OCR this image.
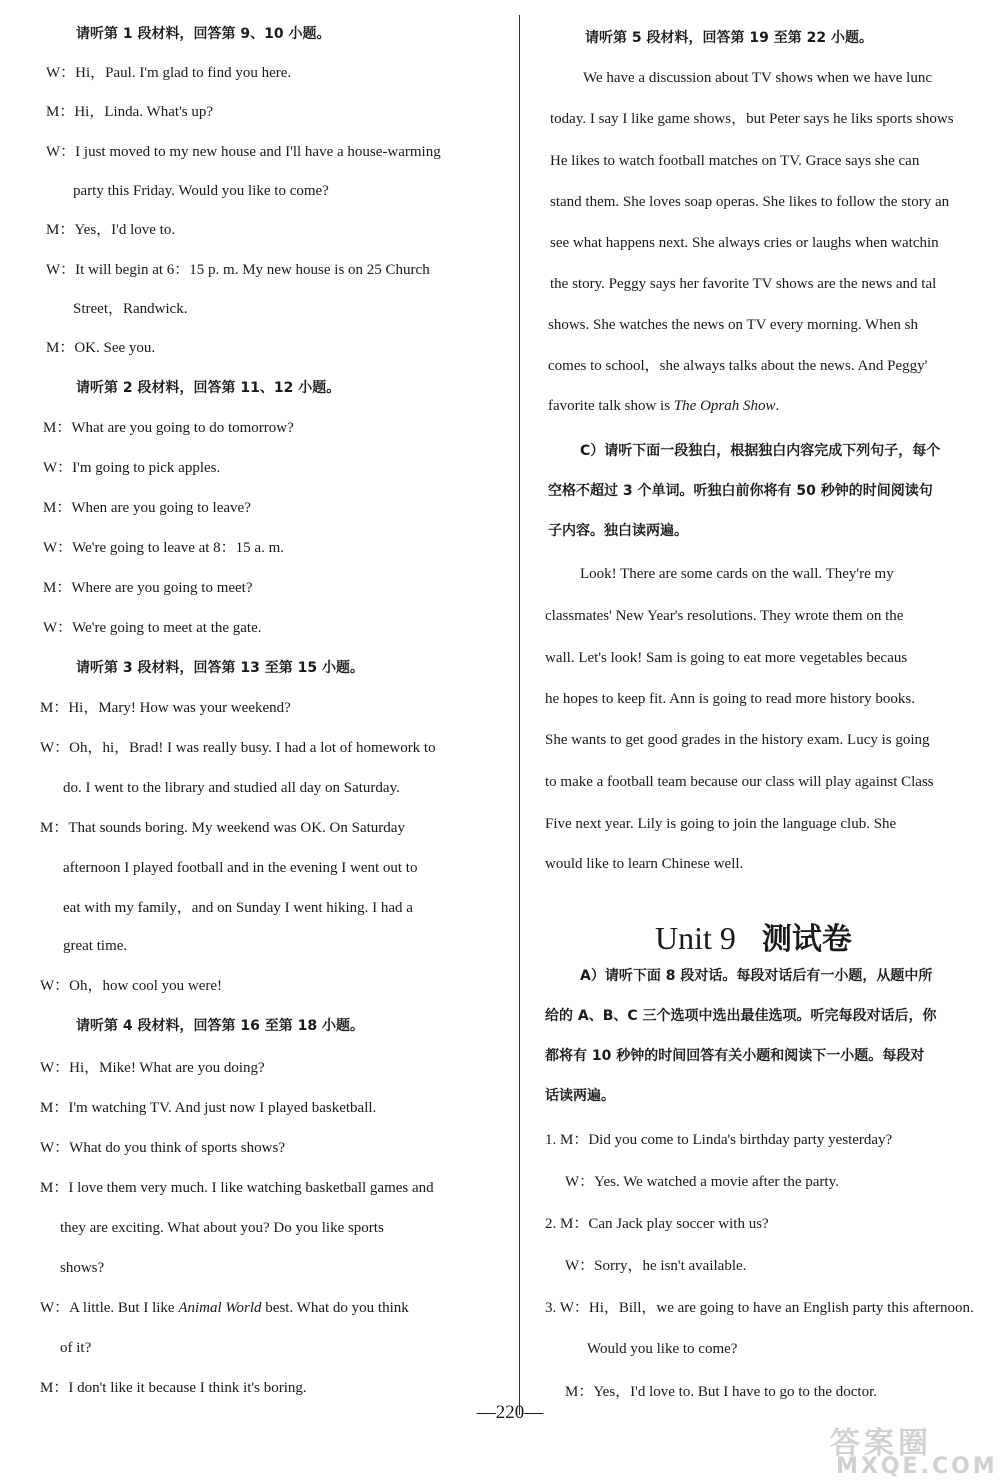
请听第 1 段材料，回答第 9、10 小题。
W：Hi，Paul. I'm glad to find you here.
M：Hi，Linda. What's up?
W：I just moved to my new house and I'll have a house-warming
party this Friday. Would you like to come?
M：Yes，I'd love to.
W：It will begin at 6：15 p. m. My new house is on 25 Church
Street，Randwick.
M：OK. See you.
请听第 2 段材料，回答第 11、12 小题。
M：What are you going to do tomorrow?
W：I'm going to pick apples.
M：When are you going to leave?
W：We're going to leave at 8：15 a. m.
M：Where are you going to meet?
W：We're going to meet at the gate.
请听第 3 段材料，回答第 13 至第 15 小题。
M：Hi，Mary! How was your weekend?
W：Oh，hi，Brad! I was really busy. I had a lot of homework to
do. I went to the library and studied all day on Saturday.
M：That sounds boring. My weekend was OK. On Saturday
afternoon I played football and in the evening I went out to
eat with my family，and on Sunday I went hiking. I had a
great time.
W：Oh，how cool you were!
请听第 4 段材料，回答第 16 至第 18 小题。
W：Hi，Mike! What are you doing?
M：I'm watching TV. And just now I played basketball.
W：What do you think of sports shows?
M：I love them very much. I like watching basketball games and
they are exciting. What about you? Do you like sports
shows?
W：A little. But I like Animal World best. What do you think
of it?
M：I don't like it because I think it's boring.
Unit 9 测试卷
请听第 5 段材料，回答第 19 至第 22 小题。
We have a discussion about TV shows when we have lunc
today. I say I like game shows，but Peter says he liks sports shows
He likes to watch football matches on TV. Grace says she can
stand them. She loves soap operas. She likes to follow the story an
see what happens next. She always cries or laughs when watchin
the story. Peggy says her favorite TV shows are the news and tal
shows. She watches the news on TV every morning. When sh
comes to school，she always talks about the news. And Peggy'
favorite talk show is The Oprah Show.
C）请听下面一段独白，根据独白内容完成下列句子，每个
空格不超过 3 个单词。听独白前你将有 50 秒钟的时间阅读句
子内容。独白读两遍。
Look! There are some cards on the wall. They're my
classmates' New Year's resolutions. They wrote them on the
wall. Let's look! Sam is going to eat more vegetables becaus
he hopes to keep fit. Ann is going to read more history books.
She wants to get good grades in the history exam. Lucy is going
to make a football team because our class will play against Class
Five next year. Lily is going to join the language club. She
would like to learn Chinese well.
A）请听下面 8 段对话。每段对话后有一小题，从题中所
给的 A、B、C 三个选项中选出最佳选项。听完每段对话后，你
都将有 10 秒钟的时间回答有关小题和阅读下一小题。每段对
话读两遍。
1. M：Did you come to Linda's birthday party yesterday?
W：Yes. We watched a movie after the party.
2. M：Can Jack play soccer with us?
W：Sorry，he isn't available.
3. W：Hi，Bill，we are going to have an English party this afternoon.
Would you like to come?
M：Yes，I'd love to. But I have to go to the doctor.
—220—
答案圈
MXQE.COM
